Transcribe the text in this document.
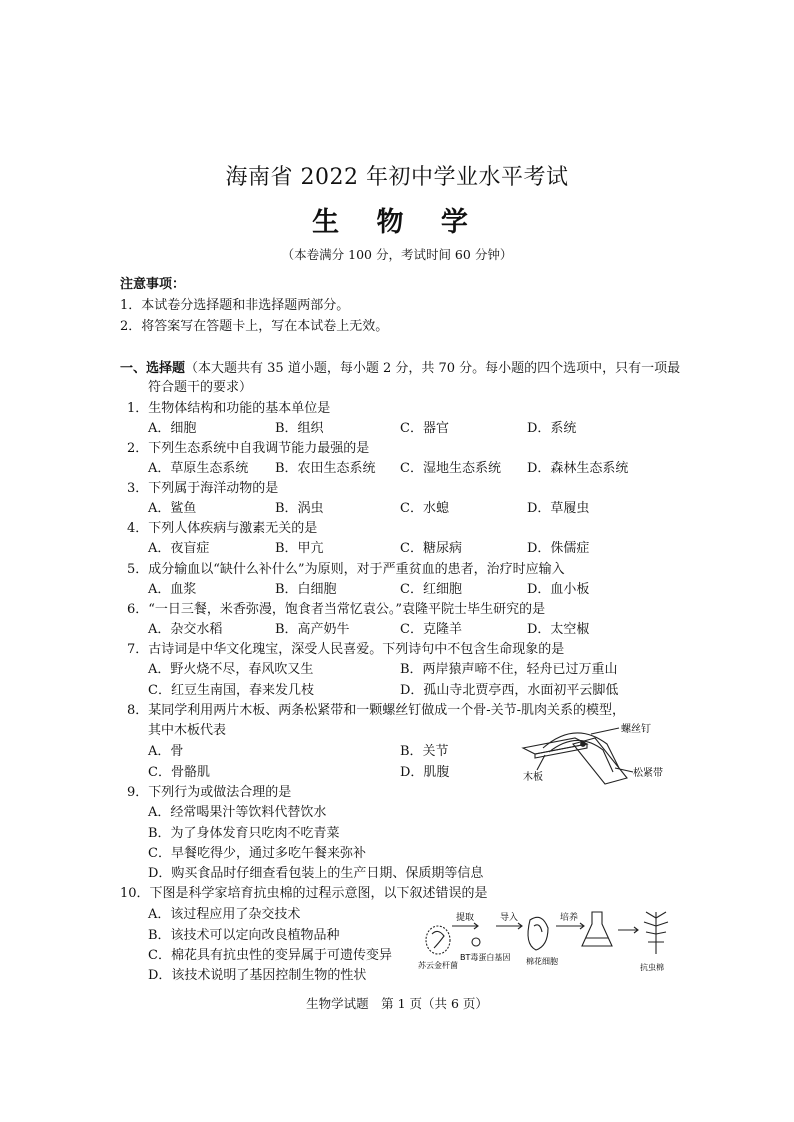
海南省 2022 年初中学业水平考试
生 物 学
（本卷满分 100 分，考试时间 60 分钟）
注意事项：
1．本试卷分选择题和非选择题两部分。
2．将答案写在答题卡上，写在本试卷上无效。
一、选择题（本大题共有 35 道小题，每小题 2 分，共 70 分。每小题的四个选项中，只有一项最
符合题干的要求）
1．生物体结构和功能的基本单位是
A．细胞	B．组织	C．器官	D．系统
2．下列生态系统中自我调节能力最强的是
A．草原生态系统 B．农田生态系统 C．湿地生态系统 D．森林生态系统
3．下列属于海洋动物的是
A．鲨鱼	B．涡虫	C．水螅	D．草履虫
4．下列人体疾病与激素无关的是
A．夜盲症	B．甲亢	C．糖尿病	D．侏儒症
5．成分输血以“缺什么补什么”为原则，对于严重贫血的患者，治疗时应输入
A．血浆	B．白细胞	C．红细胞	D．血小板
6．“一日三餐，米香弥漫，饱食者当常忆袁公。”袁隆平院士毕生研究的是
A．杂交水稻	B．高产奶牛	C．克隆羊	D．太空椒
7．古诗词是中华文化瑰宝，深受人民喜爱。下列诗句中不包含生命现象的是
A．野火烧不尽，春风吹又生	B．两岸猿声啼不住，轻舟已过万重山
C．红豆生南国，春来发几枝	D．孤山寺北贾亭西，水面初平云脚低
8．某同学利用两片木板、两条松紧带和一颗螺丝钉做成一个骨-关节-肌肉关系的模型，
其中木板代表
A．骨	B．关节
C．骨骼肌	D．肌腹
螺丝钉
木板	松紧带
9．下列行为或做法合理的是
A．经常喝果汁等饮料代替饮水
B．为了身体发育只吃肉不吃青菜
C．早餐吃得少，通过多吃午餐来弥补
D．购买食品时仔细查看包装上的生产日期、保质期等信息
10．下图是科学家培育抗虫棉的过程示意图，以下叙述错误的是
A．该过程应用了杂交技术
B．该技术可以定向改良植物品种
C．棉花具有抗虫性的变异属于可遗传变异
D．该技术说明了基因控制生物的性状
提取	导入	培养
苏云金杆菌
BT毒蛋白基因 棉花细胞
抗虫棉
生物学试题　第 1 页（共 6 页）
